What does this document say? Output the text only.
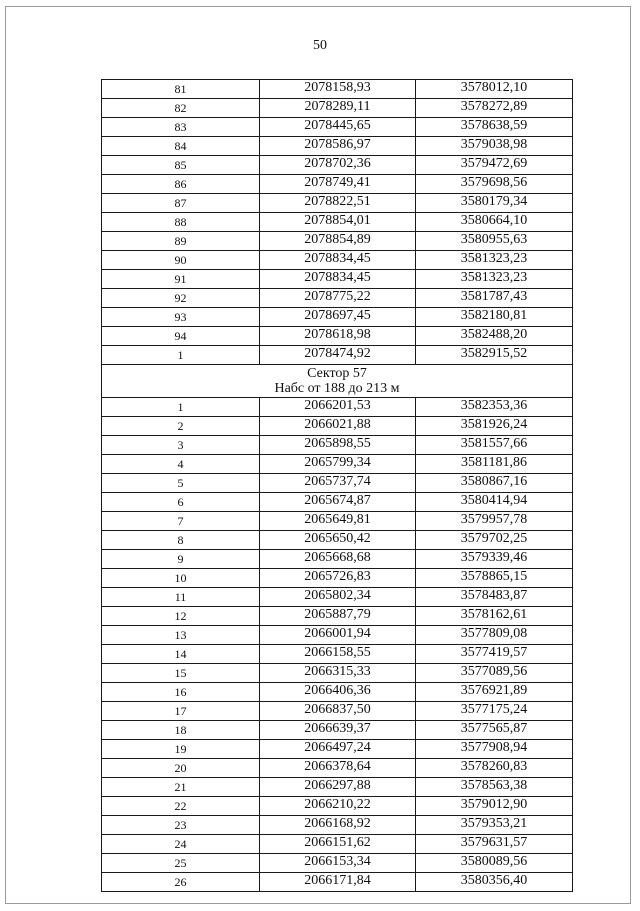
50
81	2078158,93	3578012,10
82	2078289,11	3578272,89
83	2078445,65	3578638,59
84	2078586,97	3579038,98
85	2078702,36	3579472,69
86	2078749,41	3579698,56
87	2078822,51	3580179,34
88	2078854,01	3580664,10
89	2078854,89	3580955,63
90	2078834,45	3581323,23
91	2078834,45	3581323,23
92	2078775,22	3581787,43
93	2078697,45	3582180,81
94	2078618,98	3582488,20
1	2078474,92	3582915,52

Сектор 57
Набс от 188 до 213 м		

1	2066201,53	3582353,36
2	2066021,88	3581926,24
3	2065898,55	3581557,66
4	2065799,34	3581181,86
5	2065737,74	3580867,16
6	2065674,87	3580414,94
7	2065649,81	3579957,78
8	2065650,42	3579702,25
9	2065668,68	3579339,46
10	2065726,83	3578865,15
11	2065802,34	3578483,87
12	2065887,79	3578162,61
13	2066001,94	3577809,08
14	2066158,55	3577419,57
15	2066315,33	3577089,56
16	2066406,36	3576921,89
17	2066837,50	3577175,24
18	2066639,37	3577565,87
19	2066497,24	3577908,94
20	2066378,64	3578260,83
21	2066297,88	3578563,38
22	2066210,22	3579012,90
23	2066168,92	3579353,21
24	2066151,62	3579631,57
25	2066153,34	3580089,56
26	2066171,84	3580356,40
